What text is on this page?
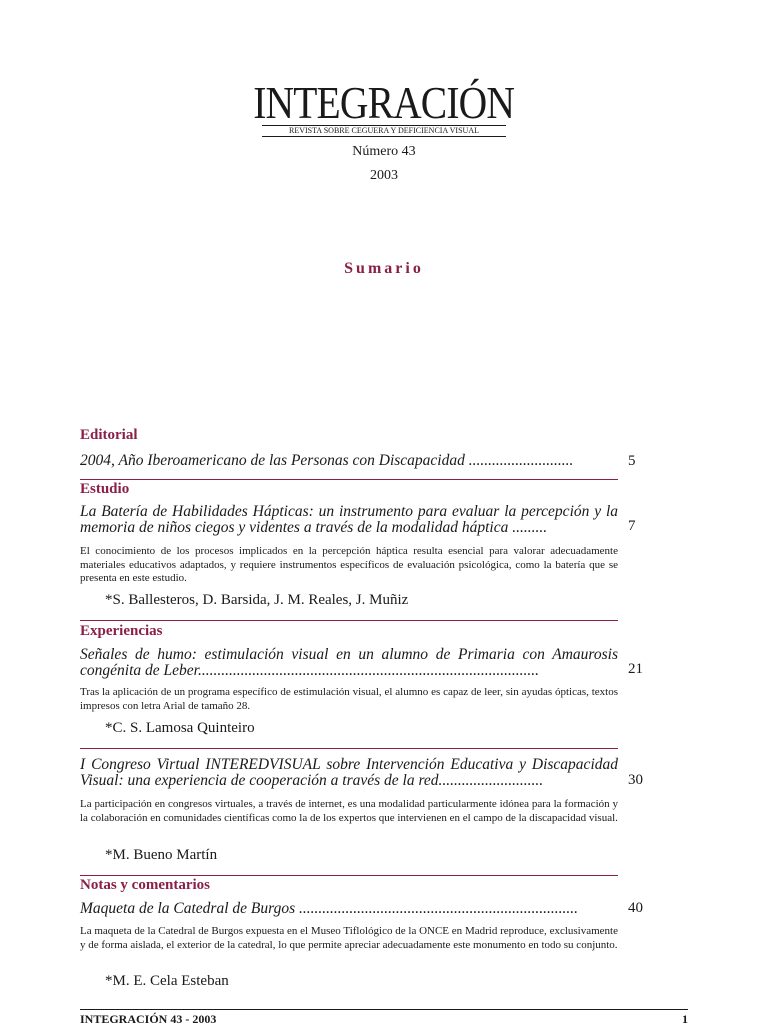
INTEGRACIÓN
REVISTA SOBRE CEGUERA Y DEFICIENCIA VISUAL
Número 43
2003
Sumario
Editorial
2004, Año Iberoamericano de las Personas con Discapacidad ...........................	5
Estudio
La Batería de Habilidades Hápticas: un instrumento para evaluar la percepción y la memoria de niños ciegos y videntes a través de la modalidad háptica .........	7
El conocimiento de los procesos implicados en la percepción háptica resulta esencial para valorar adecuadamente materiales educativos adaptados, y requiere instrumentos específicos de evaluación psicológica, como la batería que se presenta en este estudio.
*S. Ballesteros, D. Barsida, J. M. Reales, J. Muñiz
Experiencias
Señales de humo: estimulación visual en un alumno de Primaria con Amaurosis congénita de Leber........................................................................................	21
Tras la aplicación de un programa específico de estimulación visual, el alumno es capaz de leer, sin ayudas ópticas, textos impresos con letra Arial de tamaño 28.
*C. S. Lamosa Quinteiro
I Congreso Virtual INTEREDVISUAL sobre Intervención Educativa y Discapacidad Visual: una experiencia de cooperación a través de la red...........................	30
La participación en congresos virtuales, a través de internet, es una modalidad particularmente idónea para la formación y la colaboración en comunidades científicas como la de los expertos que intervienen en el campo de la discapacidad visual.
*M. Bueno Martín
Notas y comentarios
Maqueta de la Catedral de Burgos ........................................................................	40
La maqueta de la Catedral de Burgos expuesta en el Museo Tiflológico de la ONCE en Madrid reproduce, exclusivamente y de forma aislada, el exterior de la catedral, lo que permite apreciar adecuadamente este monumento en todo su conjunto.
*M. E. Cela Esteban
INTEGRACIÓN 43 - 2003	1
